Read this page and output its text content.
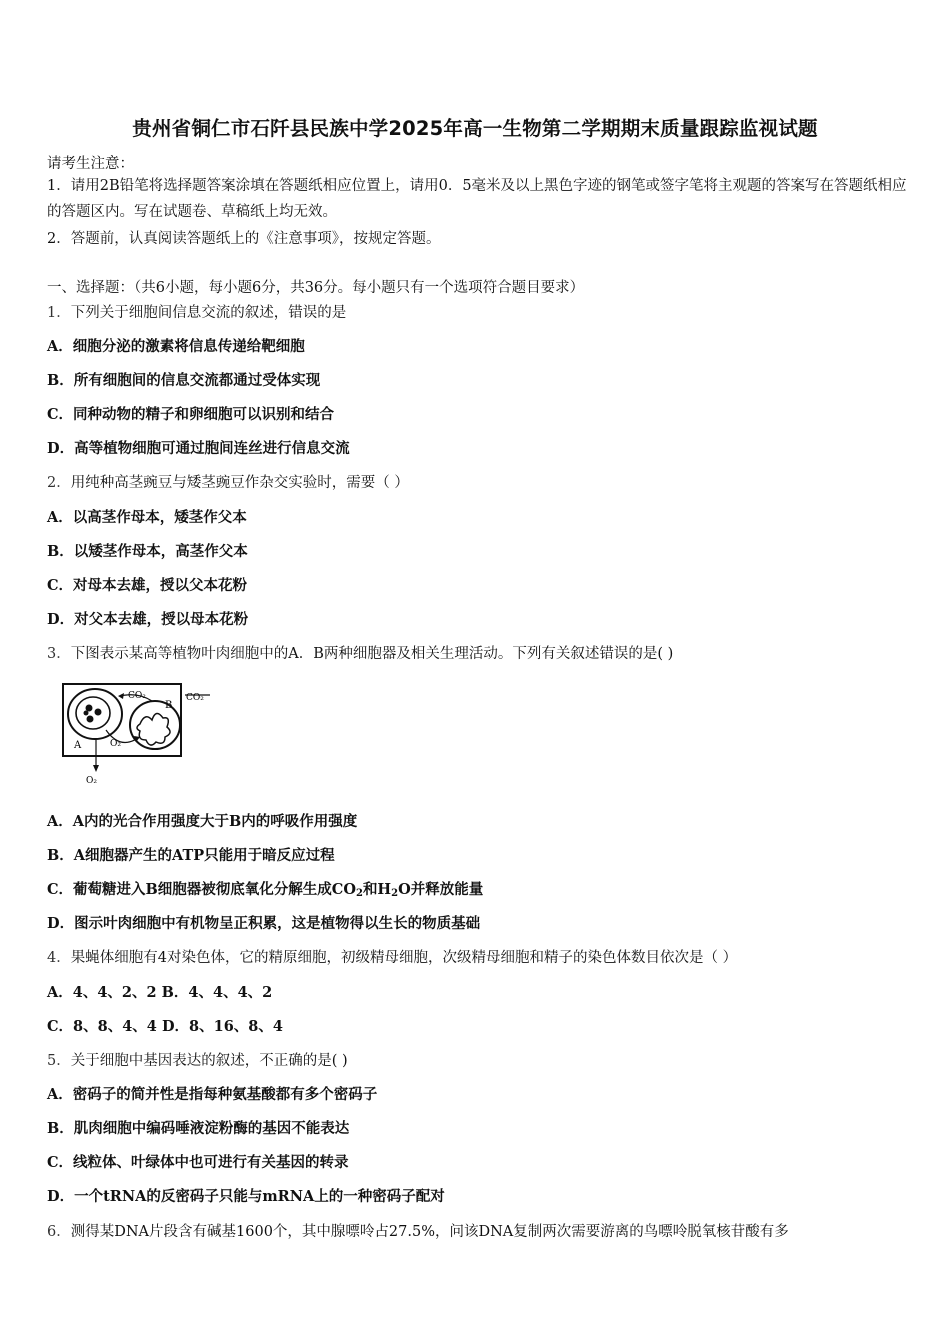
贵州省铜仁市石阡县民族中学2025年高一生物第二学期期末质量跟踪监视试题
请考生注意：
1．请用2B铅笔将选择题答案涂填在答题纸相应位置上，请用0．5毫米及以上黑色字迹的钢笔或签字笔将主观题的答案写在答题纸相应的答题区内。写在试题卷、草稿纸上均无效。
2．答题前，认真阅读答题纸上的《注意事项》，按规定答题。
一、选择题：（共6小题，每小题6分，共36分。每小题只有一个选项符合题目要求）
1．下列关于细胞间信息交流的叙述，错误的是
A．细胞分泌的激素将信息传递给靶细胞
B．所有细胞间的信息交流都通过受体实现
C．同种动物的精子和卵细胞可以识别和结合
D．高等植物细胞可通过胞间连丝进行信息交流
2．用纯种高茎豌豆与矮茎豌豆作杂交实验时，需要（ ）
A．以高茎作母本，矮茎作父本
B．以矮茎作母本，高茎作父本
C．对母本去雄，授以父本花粉
D．对父本去雄，授以母本花粉
3．下图表示某高等植物叶肉细胞中的A．B两种细胞器及相关生理活动。下列有关叙述错误的是( )
CO₂	CO₂
B
A	O₂
O₂
A．A内的光合作用强度大于B内的呼吸作用强度
B．A细胞器产生的ATP只能用于暗反应过程
C．葡萄糖进入B细胞器被彻底氧化分解生成$CO_2$和$H_2O$并释放能量
D．图示叶肉细胞中有机物呈正积累，这是植物得以生长的物质基础
4．果蝇体细胞有4对染色体，它的精原细胞，初级精母细胞，次级精母细胞和精子的染色体数目依次是（ ）
A．4、4、2、2 B．4、4、4、2
C．8、8、4、4 D．8、16、8、4
5．关于细胞中基因表达的叙述，不正确的是( )
A．密码子的简并性是指每种氨基酸都有多个密码子
B．肌肉细胞中编码唾液淀粉酶的基因不能表达
C．线粒体、叶绿体中也可进行有关基因的转录
D．一个tRNA的反密码子只能与mRNA上的一种密码子配对
6．测得某DNA片段含有碱基1600个，其中腺嘌呤占27.5%，问该DNA复制两次需要游离的鸟嘌呤脱氧核苷酸有多
